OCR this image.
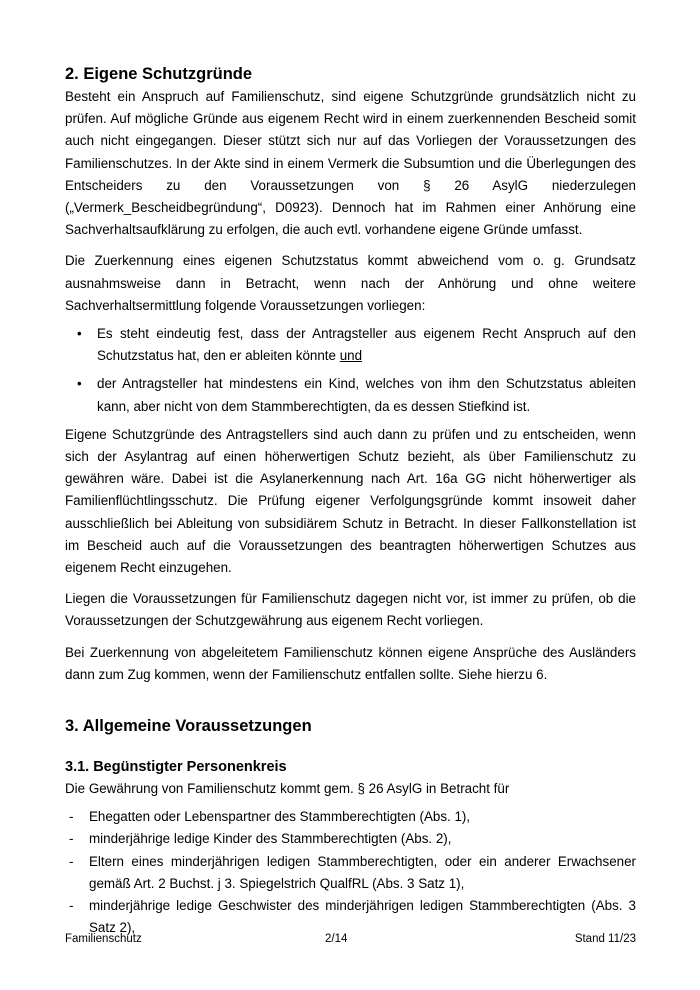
2. Eigene Schutzgründe

Besteht ein Anspruch auf Familienschutz, sind eigene Schutzgründe grundsätzlich nicht zu prüfen. Auf mögliche Gründe aus eigenem Recht wird in einem zuerkennenden Bescheid somit auch nicht eingegangen. Dieser stützt sich nur auf das Vorliegen der Voraussetzungen des Familienschutzes. In der Akte sind in einem Vermerk die Subsumtion und die Überlegungen des Entscheiders zu den Voraussetzungen von § 26 AsylG niederzulegen („Vermerk_Bescheidbegründung“, D0923). Dennoch hat im Rahmen einer Anhörung eine Sachverhaltsaufklärung zu erfolgen, die auch evtl. vorhandene eigene Gründe umfasst.

Die Zuerkennung eines eigenen Schutzstatus kommt abweichend vom o. g. Grundsatz ausnahmsweise dann in Betracht, wenn nach der Anhörung und ohne weitere Sachverhaltsermittlung folgende Voraussetzungen vorliegen:

• Es steht eindeutig fest, dass der Antragsteller aus eigenem Recht Anspruch auf den Schutzstatus hat, den er ableiten könnte und
• der Antragsteller hat mindestens ein Kind, welches von ihm den Schutzstatus ableiten kann, aber nicht von dem Stammberechtigten, da es dessen Stiefkind ist.

Eigene Schutzgründe des Antragstellers sind auch dann zu prüfen und zu entscheiden, wenn sich der Asylantrag auf einen höherwertigen Schutz bezieht, als über Familienschutz zu gewähren wäre. Dabei ist die Asylanerkennung nach Art. 16a GG nicht höherwertiger als Familienflüchtlingsschutz. Die Prüfung eigener Verfolgungsgründe kommt insoweit daher ausschließlich bei Ableitung von subsidiärem Schutz in Betracht. In dieser Fallkonstellation ist im Bescheid auch auf die Voraussetzungen des beantragten höherwertigen Schutzes aus eigenem Recht einzugehen.

Liegen die Voraussetzungen für Familienschutz dagegen nicht vor, ist immer zu prüfen, ob die Voraussetzungen der Schutzgewährung aus eigenem Recht vorliegen.

Bei Zuerkennung von abgeleitetem Familienschutz können eigene Ansprüche des Ausländers dann zum Zug kommen, wenn der Familienschutz entfallen sollte. Siehe hierzu 6.

3. Allgemeine Voraussetzungen
3.1. Begünstigter Personenkreis

Die Gewährung von Familienschutz kommt gem. § 26 AsylG in Betracht für

- Ehegatten oder Lebenspartner des Stammberechtigten (Abs. 1),
- minderjährige ledige Kinder des Stammberechtigten (Abs. 2),
- Eltern eines minderjährigen ledigen Stammberechtigten, oder ein anderer Erwachsener gemäß Art. 2 Buchst. j 3. Spiegelstrich QualfRL (Abs. 3 Satz 1),
- minderjährige ledige Geschwister des minderjährigen ledigen Stammberechtigten (Abs. 3 Satz 2),
Familienschutz	2/14	Stand 11/23
